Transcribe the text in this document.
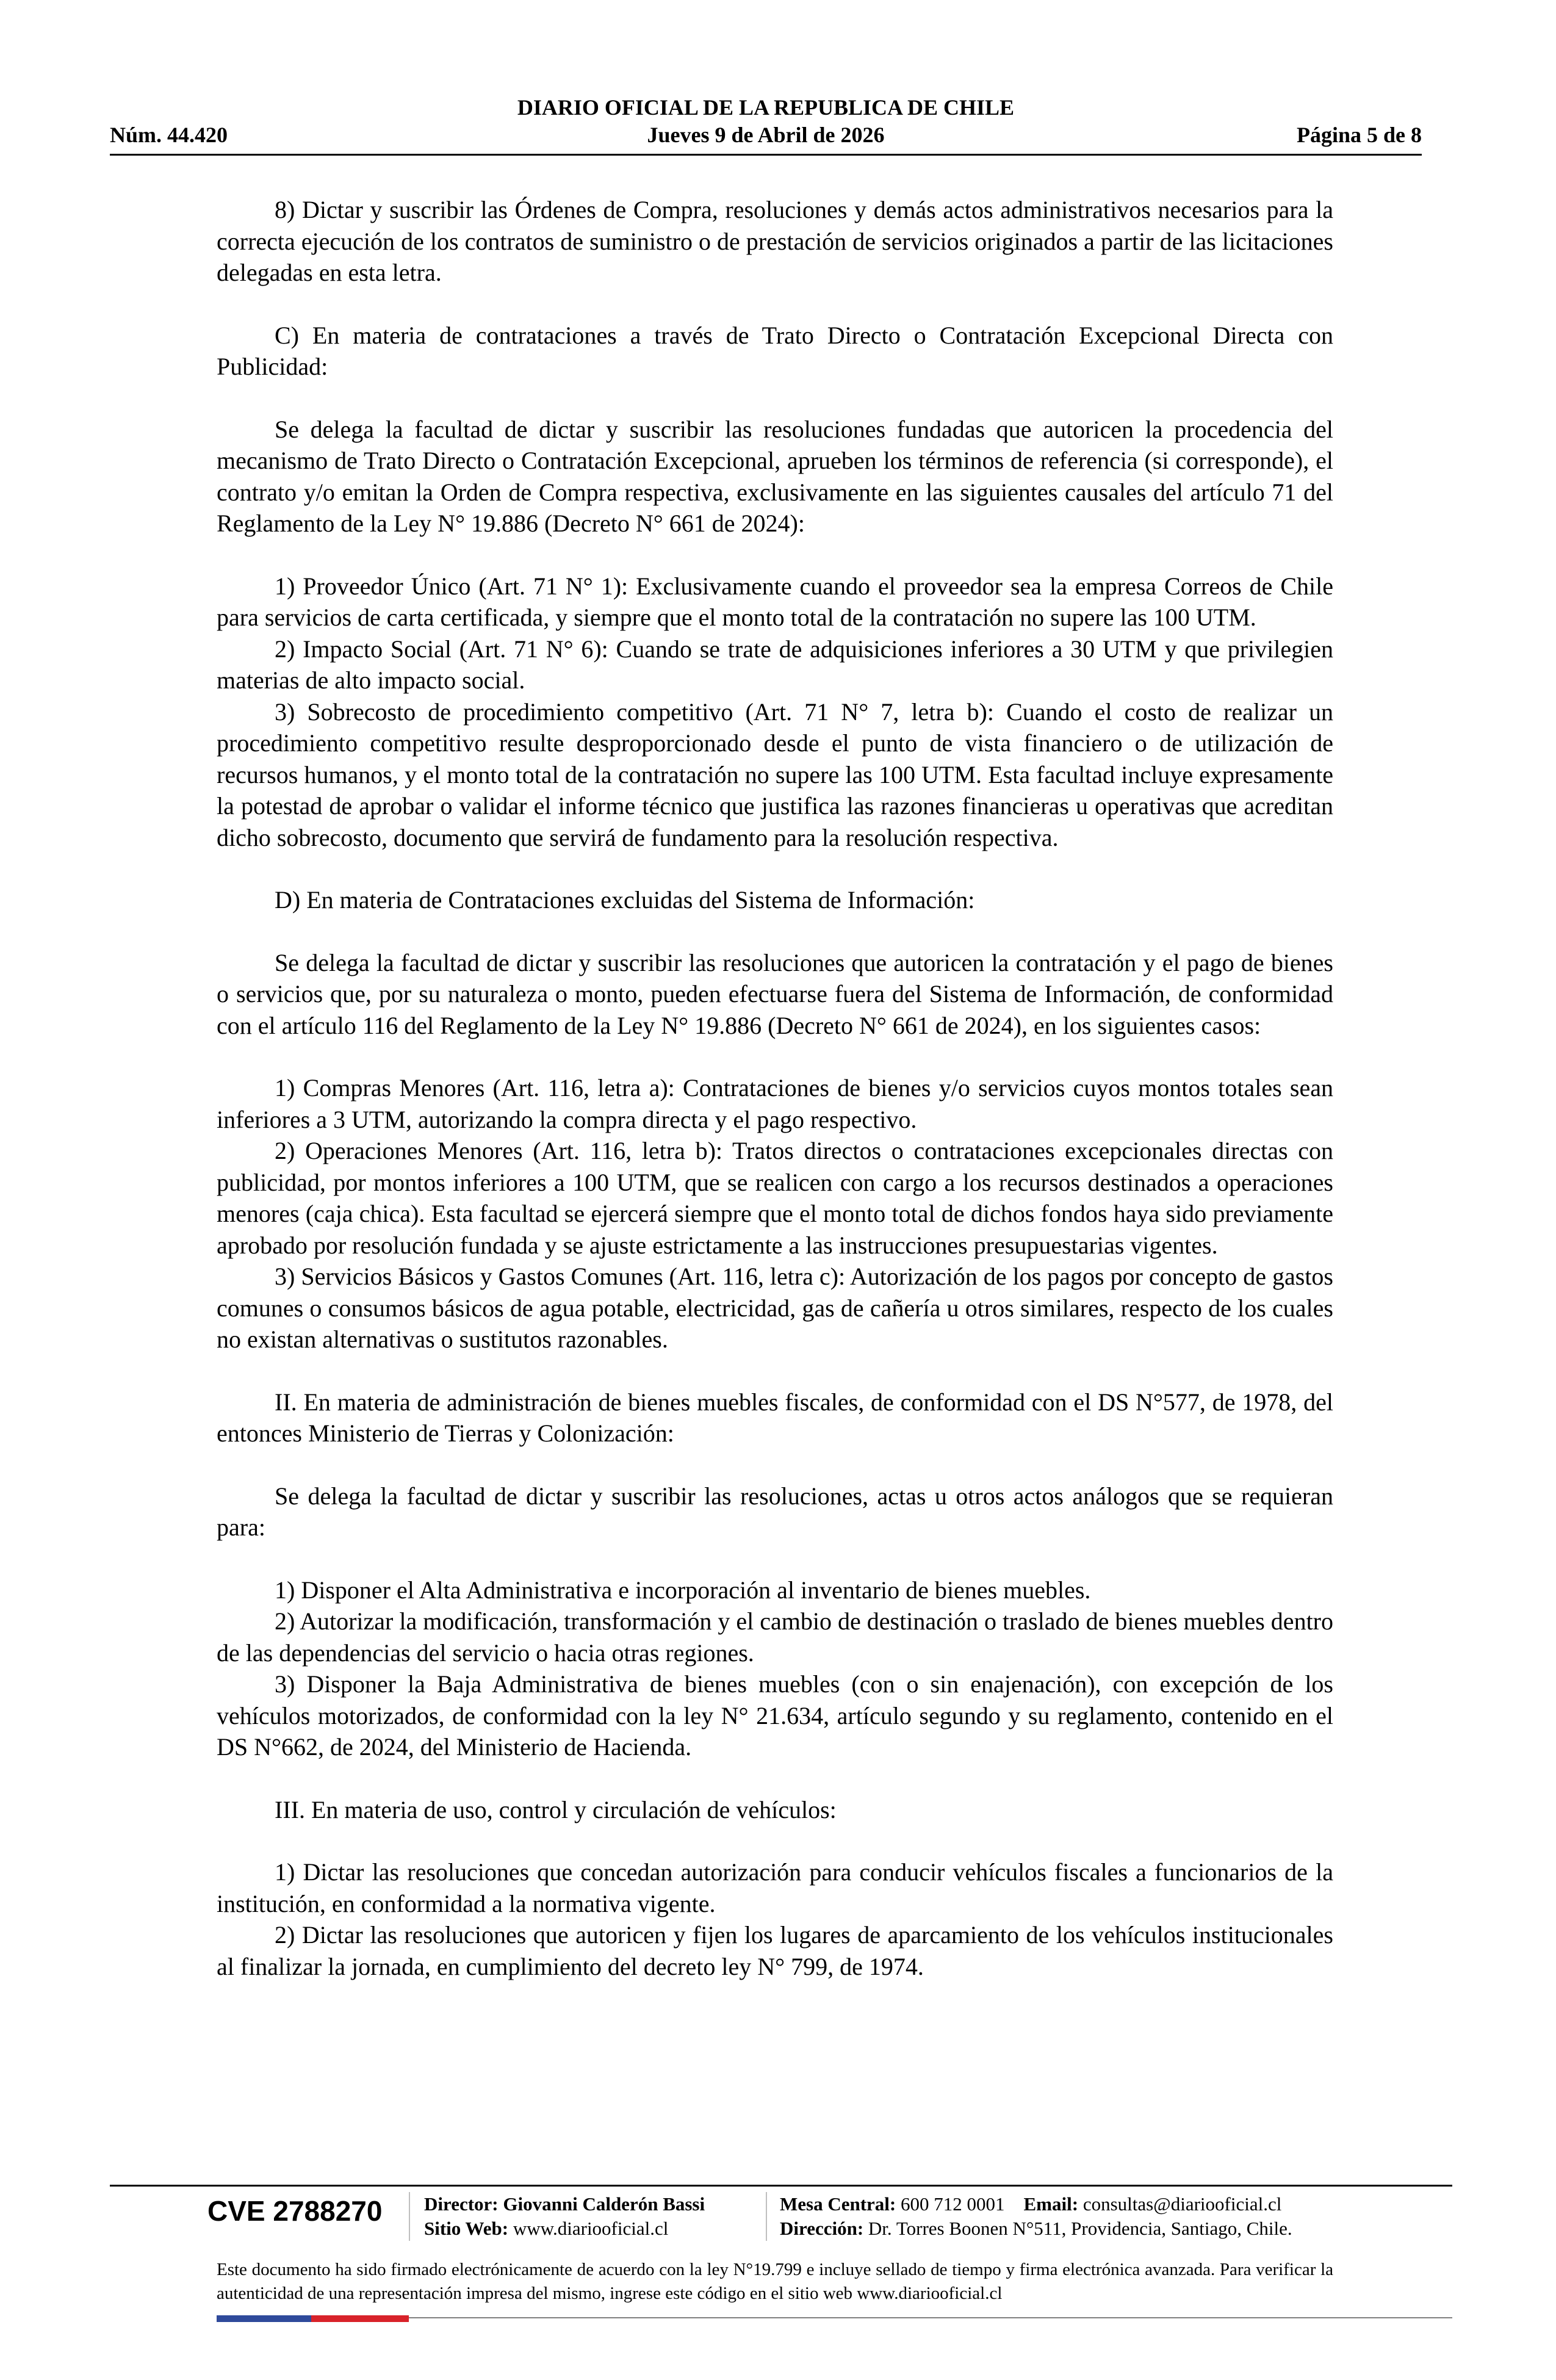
DIARIO OFICIAL DE LA REPUBLICA DE CHILE
Núm. 44.420	Jueves 9 de Abril de 2026	Página 5 de 8

8) Dictar y suscribir las Órdenes de Compra, resoluciones y demás actos administrativos necesarios para la correcta ejecución de los contratos de suministro o de prestación de servicios originados a partir de las licitaciones delegadas en esta letra.

C) En materia de contrataciones a través de Trato Directo o Contratación Excepcional Directa con Publicidad:

Se delega la facultad de dictar y suscribir las resoluciones fundadas que autoricen la procedencia del mecanismo de Trato Directo o Contratación Excepcional, aprueben los términos de referencia (si corresponde), el contrato y/o emitan la Orden de Compra respectiva, exclusivamente en las siguientes causales del artículo 71 del Reglamento de la Ley N° 19.886 (Decreto N° 661 de 2024):

1) Proveedor Único (Art. 71 N° 1): Exclusivamente cuando el proveedor sea la empresa Correos de Chile para servicios de carta certificada, y siempre que el monto total de la contratación no supere las 100 UTM.

2) Impacto Social (Art. 71 N° 6): Cuando se trate de adquisiciones inferiores a 30 UTM y que privilegien materias de alto impacto social.

3) Sobrecosto de procedimiento competitivo (Art. 71 N° 7, letra b): Cuando el costo de realizar un procedimiento competitivo resulte desproporcionado desde el punto de vista financiero o de utilización de recursos humanos, y el monto total de la contratación no supere las 100 UTM. Esta facultad incluye expresamente la potestad de aprobar o validar el informe técnico que justifica las razones financieras u operativas que acreditan dicho sobrecosto, documento que servirá de fundamento para la resolución respectiva.

D) En materia de Contrataciones excluidas del Sistema de Información:

Se delega la facultad de dictar y suscribir las resoluciones que autoricen la contratación y el pago de bienes o servicios que, por su naturaleza o monto, pueden efectuarse fuera del Sistema de Información, de conformidad con el artículo 116 del Reglamento de la Ley N° 19.886 (Decreto N° 661 de 2024), en los siguientes casos:

1) Compras Menores (Art. 116, letra a): Contrataciones de bienes y/o servicios cuyos montos totales sean inferiores a 3 UTM, autorizando la compra directa y el pago respectivo.

2) Operaciones Menores (Art. 116, letra b): Tratos directos o contrataciones excepcionales directas con publicidad, por montos inferiores a 100 UTM, que se realicen con cargo a los recursos destinados a operaciones menores (caja chica). Esta facultad se ejercerá siempre que el monto total de dichos fondos haya sido previamente aprobado por resolución fundada y se ajuste estrictamente a las instrucciones presupuestarias vigentes.

3) Servicios Básicos y Gastos Comunes (Art. 116, letra c): Autorización de los pagos por concepto de gastos comunes o consumos básicos de agua potable, electricidad, gas de cañería u otros similares, respecto de los cuales no existan alternativas o sustitutos razonables.

II. En materia de administración de bienes muebles fiscales, de conformidad con el DS N°577, de 1978, del entonces Ministerio de Tierras y Colonización:

Se delega la facultad de dictar y suscribir las resoluciones, actas u otros actos análogos que se requieran para:

1) Disponer el Alta Administrativa e incorporación al inventario de bienes muebles.

2) Autorizar la modificación, transformación y el cambio de destinación o traslado de bienes muebles dentro de las dependencias del servicio o hacia otras regiones.

3) Disponer la Baja Administrativa de bienes muebles (con o sin enajenación), con excepción de los vehículos motorizados, de conformidad con la ley N° 21.634, artículo segundo y su reglamento, contenido en el DS N°662, de 2024, del Ministerio de Hacienda.

III. En materia de uso, control y circulación de vehículos:

1) Dictar las resoluciones que concedan autorización para conducir vehículos fiscales a funcionarios de la institución, en conformidad a la normativa vigente.

2) Dictar las resoluciones que autoricen y fijen los lugares de aparcamiento de los vehículos institucionales al finalizar la jornada, en cumplimiento del decreto ley N° 799, de 1974.

CVE 2788270 Director: Giovanni Calderón Bassi
Sitio Web: www.diariooficial.cl
Mesa Central: 600 712 0001 Email: consultas@diariooficial.cl
Dirección: Dr. Torres Boonen N°511, Providencia, Santiago, Chile.
Este documento ha sido firmado electrónicamente de acuerdo con la ley N°19.799 e incluye sellado de tiempo y firma electrónica avanzada. Para verificar la autenticidad de una representación impresa del mismo, ingrese este código en el sitio web www.diariooficial.cl
